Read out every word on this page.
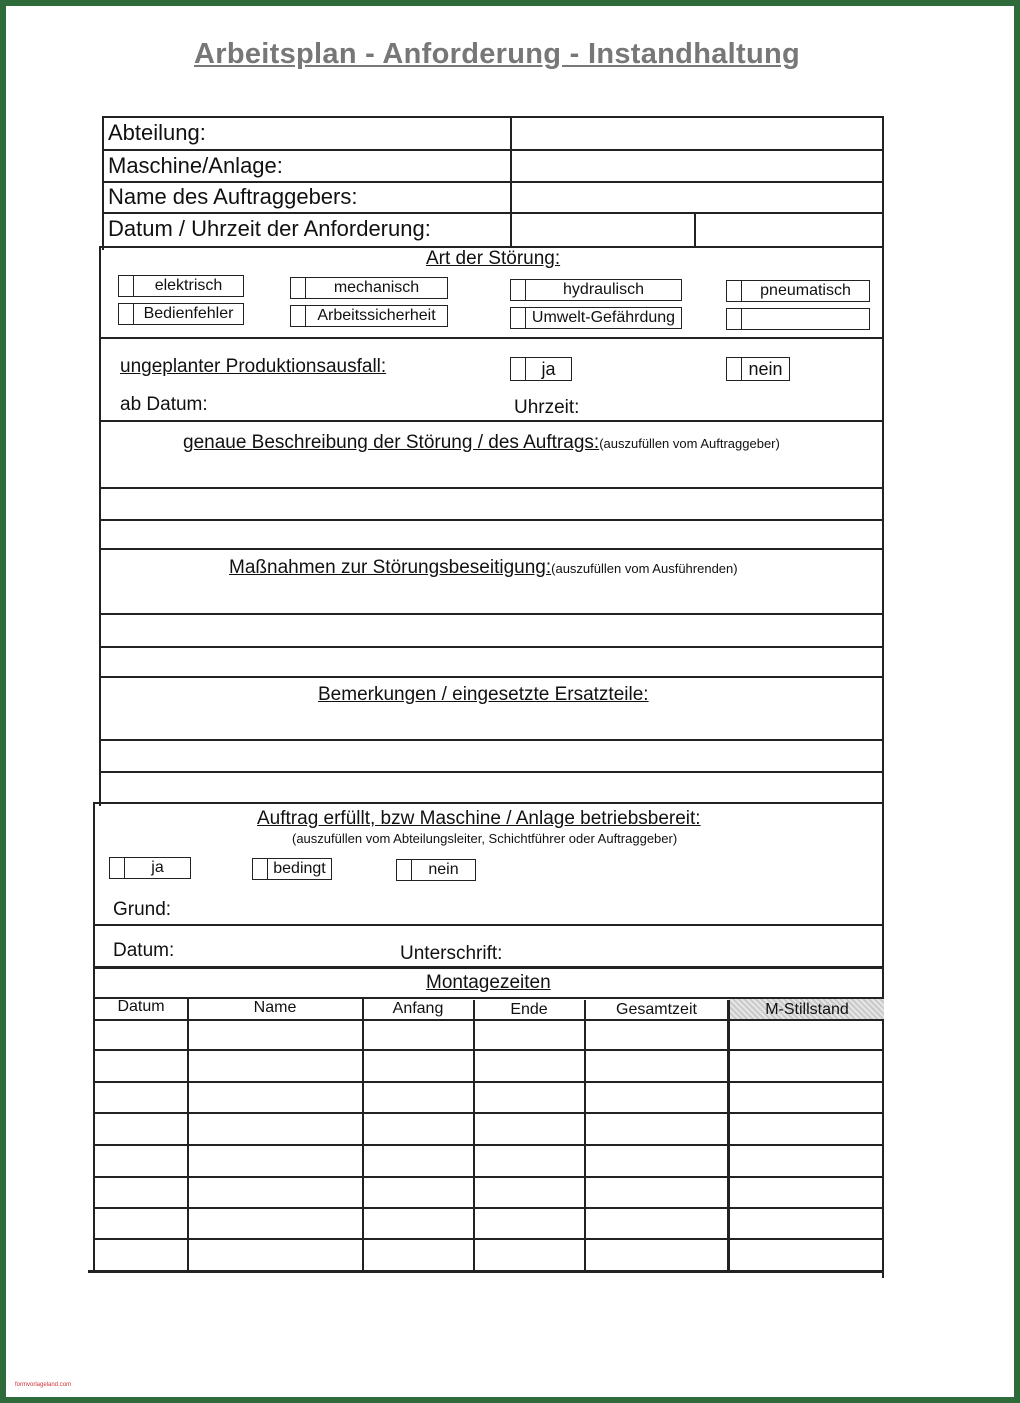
Arbeitsplan - Anforderung - Instandhaltung
Abteilung:
Maschine/Anlage:
Name des Auftraggebers:
Datum / Uhrzeit der Anforderung:
Art der Störung:
elektrisch	mechanisch	hydraulisch	pneumatisch
Bedienfehler	Arbeitssicherheit	Umwelt-Gefährdung
ungeplanter Produktionsausfall:	ja	nein
ab Datum:	Uhrzeit:
genaue Beschreibung der Störung / des Auftrags:(auszufüllen vom Auftraggeber)
Maßnahmen zur Störungsbeseitigung:(auszufüllen vom Ausführenden)
Bemerkungen / eingesetzte Ersatzteile:
Auftrag erfüllt, bzw Maschine / Anlage betriebsbereit:
(auszufüllen vom Abteilungsleiter, Schichtführer oder Auftraggeber)
ja	bedingt	nein
Grund:
Datum:	Unterschrift:
Montagezeiten
Datum	Name	Anfang	Ende	Gesamtzeit	M-Stillstand
formvorlageland.com
